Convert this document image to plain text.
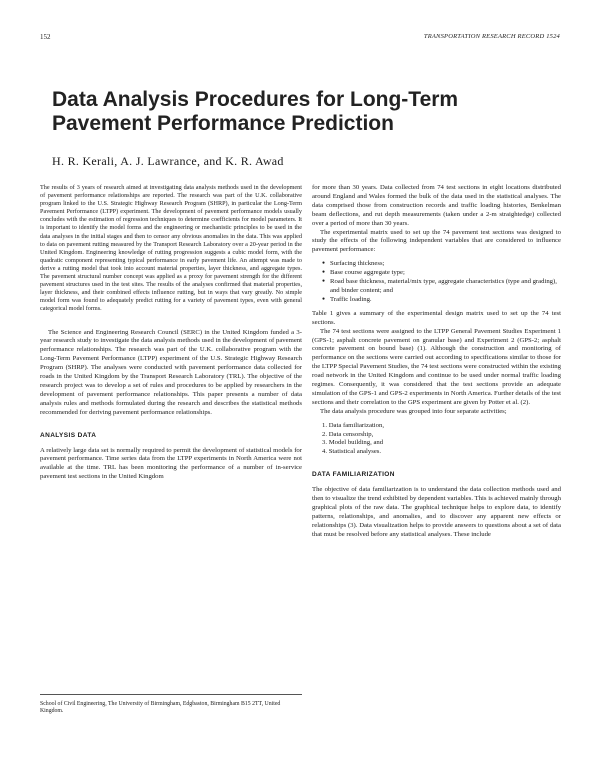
152	TRANSPORTATION RESEARCH RECORD 1524
Data Analysis Procedures for Long-Term Pavement Performance Prediction
H. R. Kerali, A. J. Lawrance, and K. R. Awad

The results of 3 years of research aimed at investigating data analysis methods used in the development of pavement performance relationships are reported. The research was part of the U.K. collaborative program linked to the U.S. Strategic Highway Research Program (SHRP), in particular the Long-Term Pavement Performance (LTPP) experiment. The development of pavement performance models usually concludes with the estimation of regression techniques to determine coefficients for model parameters. It is important to identify the model forms and the engineering or mechanistic principles to be used in the data analyses in the initial stages and then to censor any obvious anomalies in the data. This was applied to data on pavement rutting measured by the Transport Research Laboratory over a 20-year period in the United Kingdom. Engineering knowledge of rutting progression suggests a cubic model form, with the quadratic component representing typical performance in early pavement life. An attempt was made to derive a rutting model that took into account material properties, layer thickness, and aggregate types. The pavement structural number concept was applied as a proxy for pavement strength for the different pavement structures used in the test sites. The results of the analyses confirmed that material properties, layer thickness, and their combined effects influence rutting, but in ways that vary greatly. No simple model form was found to adequately predict rutting for a variety of pavement types, even with general categorical model forms.

The Science and Engineering Research Council (SERC) in the United Kingdom funded a 3-year research study to investigate the data analysis methods used in the development of pavement performance relationships. The research was part of the U.K. collaborative program with the Long-Term Pavement Performance (LTPP) experiment of the U.S. Strategic Highway Research Program (SHRP). The analyses were conducted with pavement performance data collected for roads in the United Kingdom by the Transport Research Laboratory (TRL). The objective of the research project was to develop a set of rules and procedures to be applied by researchers in the development of pavement performance relationships. This paper presents a number of data analysis rules and methods formulated during the research and describes the statistical methods recommended for deriving pavement performance relationships.

ANALYSIS DATA

A relatively large data set is normally required to permit the development of statistical models for pavement performance. Time series data from the LTPP experiments in North America were not available at the time. TRL has been monitoring the performance of a number of in-service pavement test sections in the United Kingdom

School of Civil Engineering, The University of Birmingham, Edgbaston, Birmingham B15 2TT, United Kingdom.

for more than 30 years. Data collected from 74 test sections in eight locations distributed around England and Wales formed the bulk of the data used in the statistical analyses. The data comprised those from construction records and traffic loading histories, Benkelman beam deflections, and rut depth measurements (taken under a 2-m straightedge) collected over a period of more than 30 years.

The experimental matrix used to set up the 74 pavement test sections was designed to study the effects of the following independent variables that are considered to influence pavement performance:

● Surfacing thickness;
● Base course aggregate type;
● Road base thickness, material/mix type, aggregate characteristics (type and grading), and binder content; and
● Traffic loading.

Table 1 gives a summary of the experimental design matrix used to set up the 74 test sections.

The 74 test sections were assigned to the LTPP General Pavement Studies Experiment 1 (GPS-1; asphalt concrete pavement on granular base) and Experiment 2 (GPS-2; asphalt concrete pavement on bound base) (1). Although the construction and monitoring of performance on the sections were carried out according to specifications similar to those for the LTPP Special Pavement Studies, the 74 test sections were constructed within the existing road network in the United Kingdom and continue to be used under normal traffic loading regimes. Consequently, it was considered that the test sections provide an adequate simulation of the GPS-1 and GPS-2 experiments in North America. Further details of the test sections and their correlation to the GPS experiment are given by Potter et al. (2).

The data analysis procedure was grouped into four separate activities;

1. Data familiarization,
2. Data censorship,
3. Model building, and
4. Statistical analyses.
DATA FAMILIARIZATION

The objective of data familiarization is to understand the data collection methods used and then to visualize the trend exhibited by dependent variables. This is achieved mainly through graphical plots of the raw data. The graphical technique helps to explore data, to identify patterns, relationships, and anomalies, and to discover any apparent new effects or relationships (3). Data visualization helps to provide answers to questions about a set of data that must be resolved before any statistical analyses. These include
